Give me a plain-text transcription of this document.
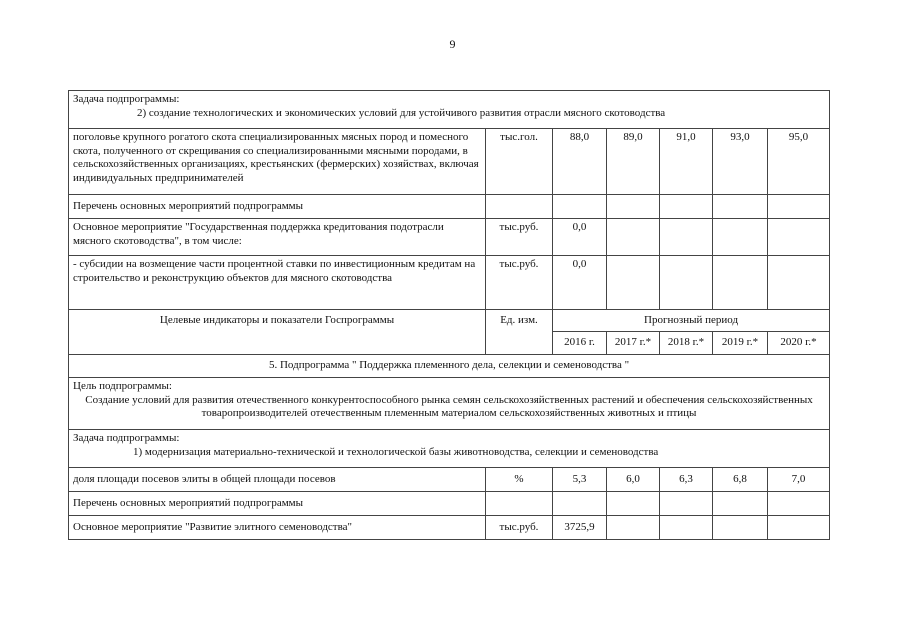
9
Задача подпрограммы:
2) создание технологических и экономических условий для устойчивого развития отрасли мясного скотоводства						

поголовье крупного рогатого скота специализированных мясных пород и помесного скота, полученного от скрещивания со специализированными мясными породами, в сельскохозяйственных организациях, крестьянских (фермерских) хозяйствах, включая индивидуальных предпринимателей	тыс.гол.	88,0	89,0	91,0	93,0	95,0
Перечень основных мероприятий подпрограммы						
Основное мероприятие "Государственная поддержка кредитования подотрасли мясного скотоводства", в том числе:	тыс.руб.	0,0				
- субсидии на возмещение части процентной ставки по инвестиционным кредитам на строительство и реконструкцию объектов для мясного скотоводства	тыс.руб.	0,0				
Целевые индикаторы и показатели Госпрограммы	Ед. изм.	Прогнозный период				
		2016 г.	2017 г.*	2018 г.*	2019 г.*	2020 г.*
5. Подпрограмма " Поддержка племенного дела, селекции и семеноводства "						

Цель подпрограммы:
Создание условий для развития отечественного конкурентоспособного рынка семян сельскохозяйственных растений и обеспечения сельскохозяйственных товаропроизводителей отечественным племенным материалом сельскохозяйственных животных и птицы						

Задача подпрограммы:
1) модернизация материально-технической и технологической базы животноводства, селекции и семеноводства						

доля площади посевов элиты в общей площади посевов	%	5,3	6,0	6,3	6,8	7,0
Перечень основных мероприятий подпрограммы						
Основное мероприятие "Развитие элитного семеноводства"	тыс.руб.	3725,9				
